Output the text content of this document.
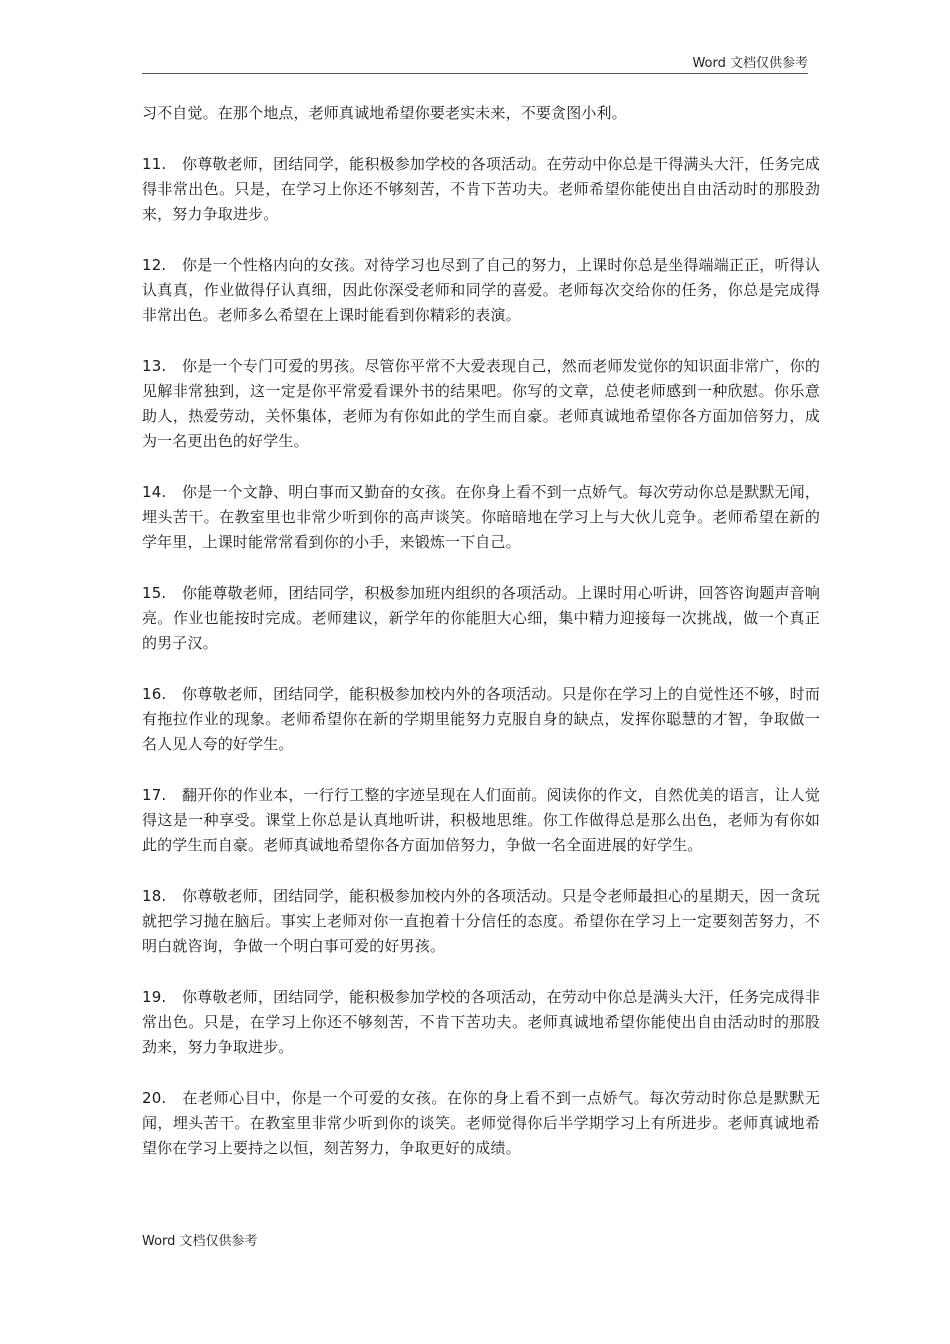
Word 文档仅供参考

习不自觉。在那个地点，老师真诚地希望你要老实未来，不要贪图小利。

11. 你尊敬老师，团结同学，能积极参加学校的各项活动。在劳动中你总是干得满头大汗，任务完成得非常出色。只是，在学习上你还不够刻苦，不肯下苦功夫。老师希望你能使出自由活动时的那股劲来，努力争取进步。

12. 你是一个性格内向的女孩。对待学习也尽到了自己的努力，上课时你总是坐得端端正正，听得认认真真，作业做得仔认真细，因此你深受老师和同学的喜爱。老师每次交给你的任务，你总是完成得非常出色。老师多么希望在上课时能看到你精彩的表演。

13. 你是一个专门可爱的男孩。尽管你平常不大爱表现自己，然而老师发觉你的知识面非常广，你的见解非常独到，这一定是你平常爱看课外书的结果吧。你写的文章，总使老师感到一种欣慰。你乐意助人，热爱劳动，关怀集体，老师为有你如此的学生而自豪。老师真诚地希望你各方面加倍努力，成为一名更出色的好学生。

14. 你是一个文静、明白事而又勤奋的女孩。在你身上看不到一点娇气。每次劳动你总是默默无闻，埋头苦干。在教室里也非常少听到你的高声谈笑。你暗暗地在学习上与大伙儿竞争。老师希望在新的学年里，上课时能常常看到你的小手，来锻炼一下自己。

15. 你能尊敬老师，团结同学，积极参加班内组织的各项活动。上课时用心听讲，回答咨询题声音响亮。作业也能按时完成。老师建议，新学年的你能胆大心细，集中精力迎接每一次挑战，做一个真正的男子汉。

16. 你尊敬老师，团结同学，能积极参加校内外的各项活动。只是你在学习上的自觉性还不够，时而有拖拉作业的现象。老师希望你在新的学期里能努力克服自身的缺点，发挥你聪慧的才智，争取做一名人见人夸的好学生。

17. 翻开你的作业本，一行行工整的字迹呈现在人们面前。阅读你的作文，自然优美的语言，让人觉得这是一种享受。课堂上你总是认真地听讲，积极地思维。你工作做得总是那么出色，老师为有你如此的学生而自豪。老师真诚地希望你各方面加倍努力，争做一名全面进展的好学生。

18. 你尊敬老师，团结同学，能积极参加校内外的各项活动。只是令老师最担心的星期天，因一贪玩就把学习抛在脑后。事实上老师对你一直抱着十分信任的态度。希望你在学习上一定要刻苦努力，不明白就咨询，争做一个明白事可爱的好男孩。

19. 你尊敬老师，团结同学，能积极参加学校的各项活动，在劳动中你总是满头大汗，任务完成得非常出色。只是，在学习上你还不够刻苦，不肯下苦功夫。老师真诚地希望你能使出自由活动时的那股劲来，努力争取进步。

20. 在老师心目中，你是一个可爱的女孩。在你的身上看不到一点娇气。每次劳动时你总是默默无闻，埋头苦干。在教室里非常少听到你的谈笑。老师觉得你后半学期学习上有所进步。老师真诚地希望你在学习上要持之以恒，刻苦努力，争取更好的成绩。

Word 文档仅供参考
